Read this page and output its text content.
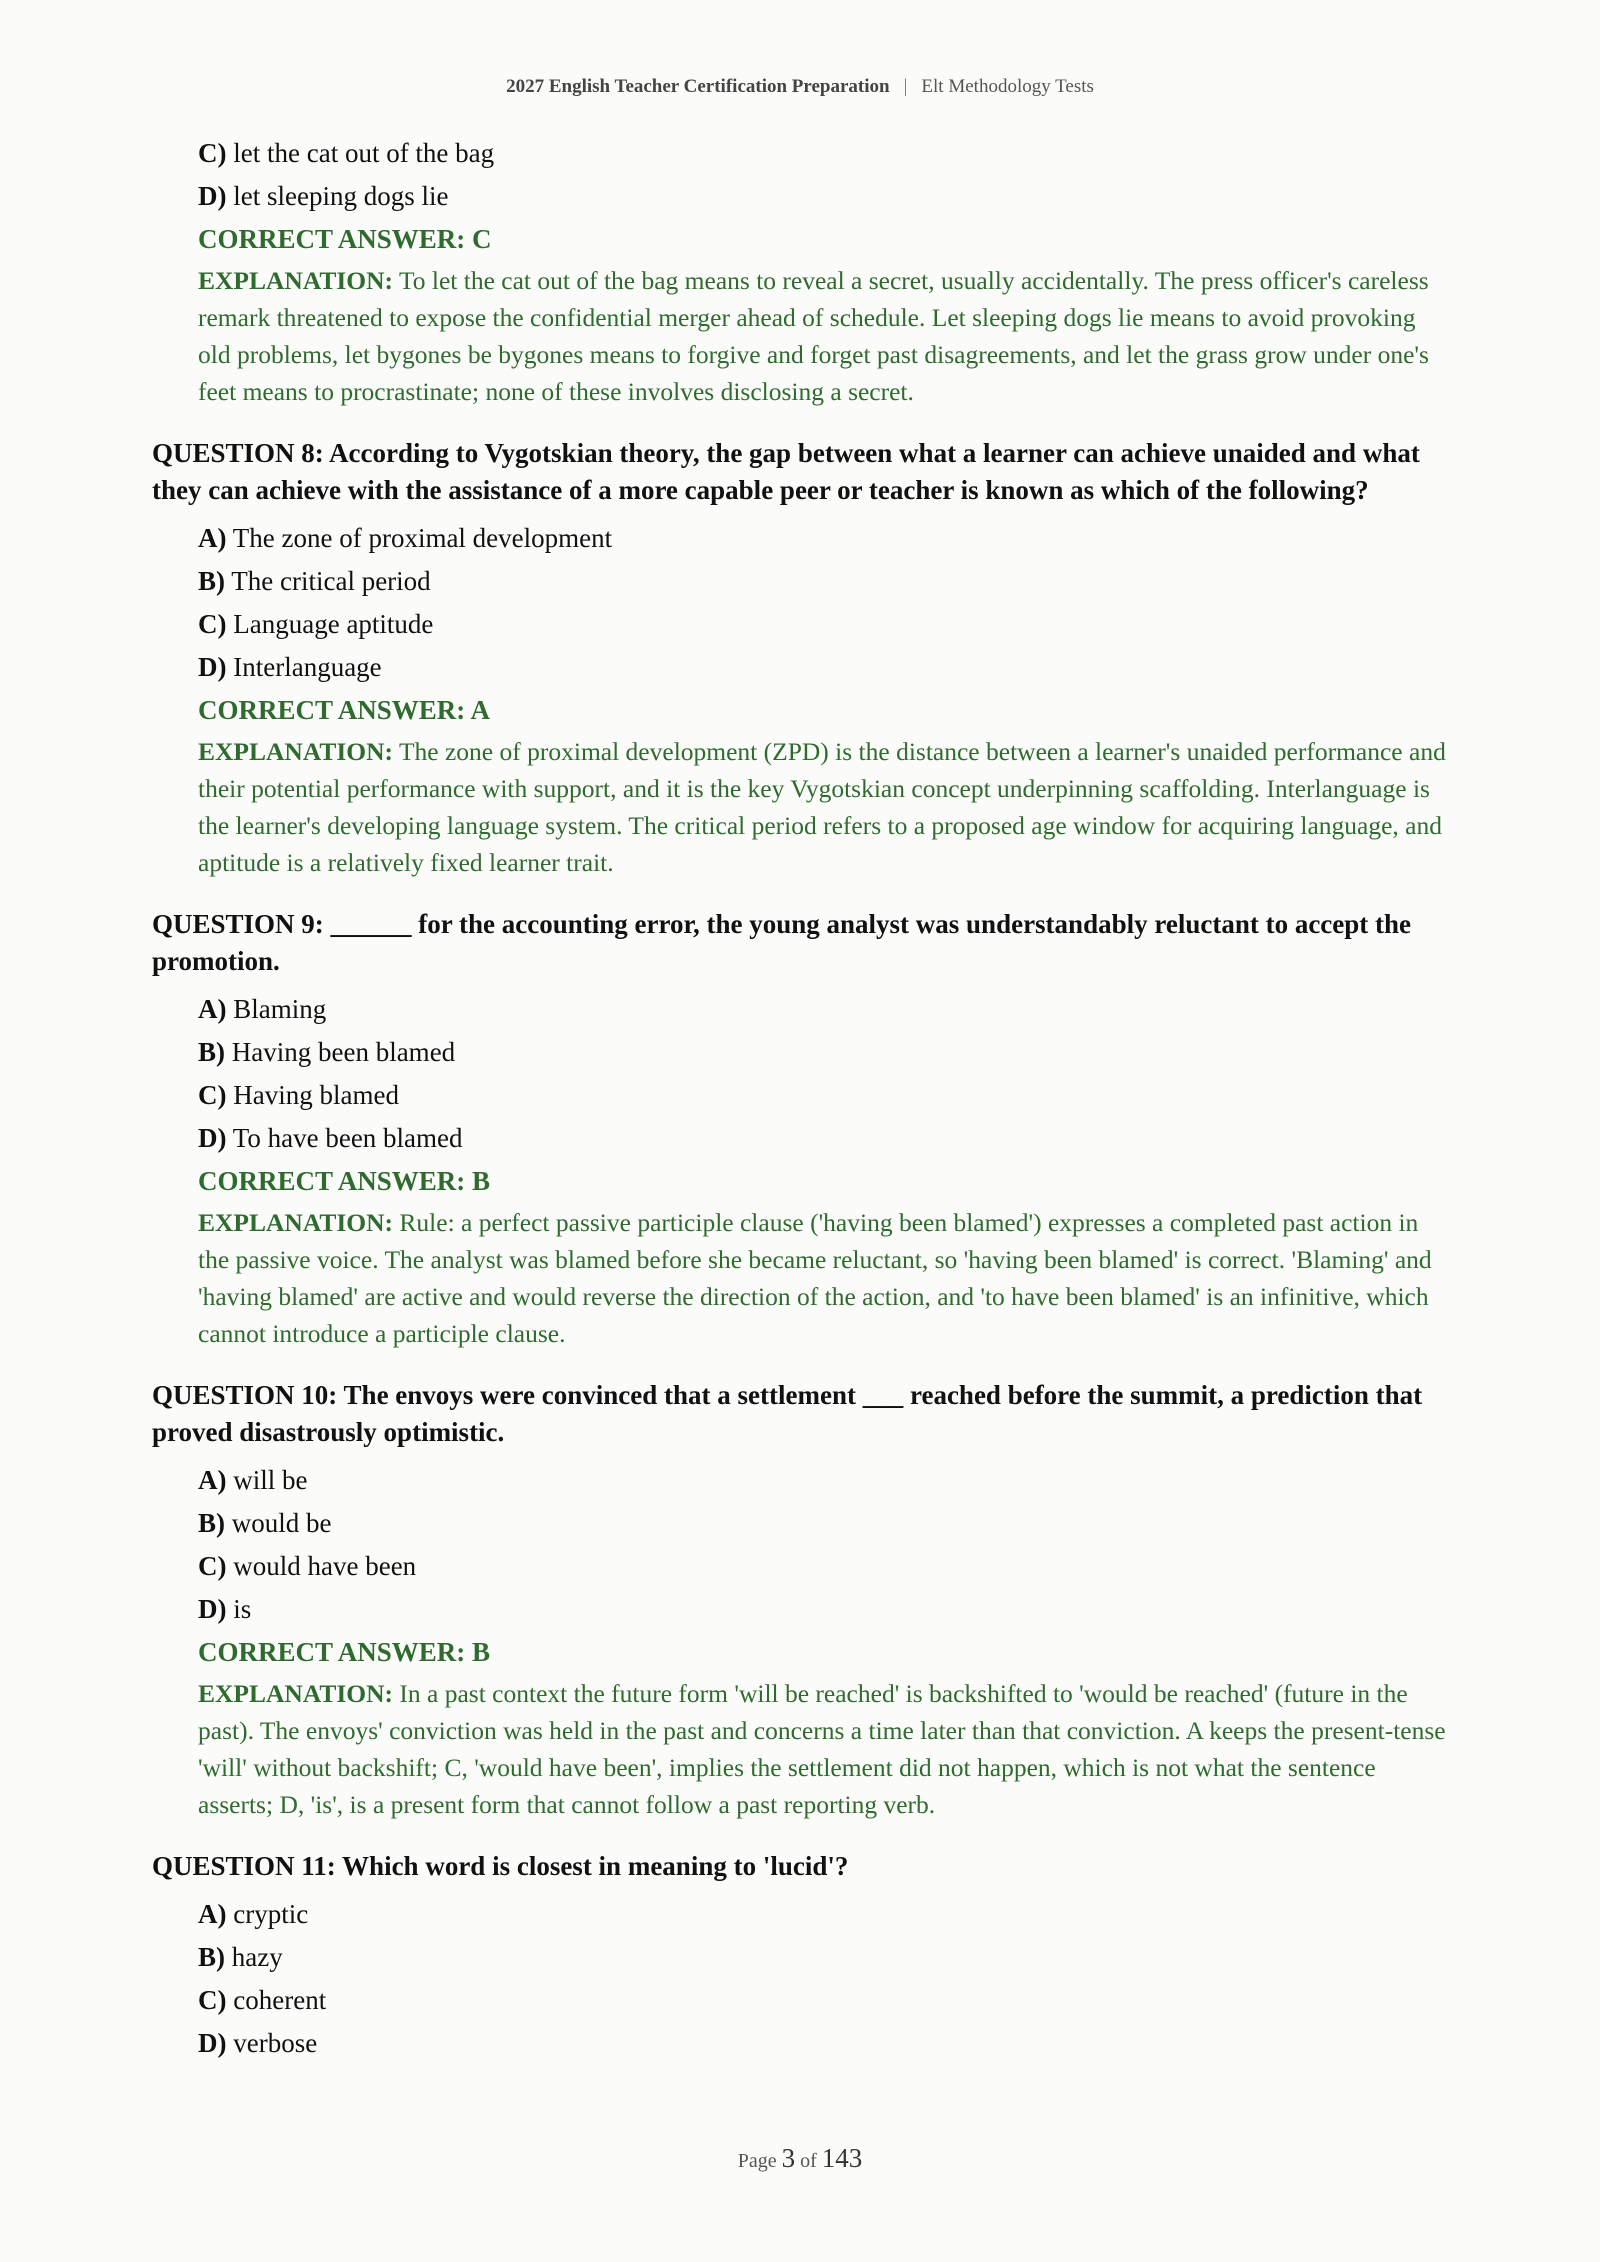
2027 English Teacher Certification Preparation | Elt Methodology Tests
C) let the cat out of the bag
D) let sleeping dogs lie
CORRECT ANSWER: C
EXPLANATION: To let the cat out of the bag means to reveal a secret, usually accidentally. The press officer's careless remark threatened to expose the confidential merger ahead of schedule. Let sleeping dogs lie means to avoid provoking old problems, let bygones be bygones means to forgive and forget past disagreements, and let the grass grow under one's feet means to procrastinate; none of these involves disclosing a secret.
QUESTION 8: According to Vygotskian theory, the gap between what a learner can achieve unaided and what they can achieve with the assistance of a more capable peer or teacher is known as which of the following?
A) The zone of proximal development
B) The critical period
C) Language aptitude
D) Interlanguage
CORRECT ANSWER: A
EXPLANATION: The zone of proximal development (ZPD) is the distance between a learner's unaided performance and their potential performance with support, and it is the key Vygotskian concept underpinning scaffolding. Interlanguage is the learner's developing language system. The critical period refers to a proposed age window for acquiring language, and aptitude is a relatively fixed learner trait.
QUESTION 9: ______ for the accounting error, the young analyst was understandably reluctant to accept the promotion.
A) Blaming
B) Having been blamed
C) Having blamed
D) To have been blamed
CORRECT ANSWER: B
EXPLANATION: Rule: a perfect passive participle clause ('having been blamed') expresses a completed past action in the passive voice. The analyst was blamed before she became reluctant, so 'having been blamed' is correct. 'Blaming' and 'having blamed' are active and would reverse the direction of the action, and 'to have been blamed' is an infinitive, which cannot introduce a participle clause.
QUESTION 10: The envoys were convinced that a settlement ___ reached before the summit, a prediction that proved disastrously optimistic.
A) will be
B) would be
C) would have been
D) is
CORRECT ANSWER: B
EXPLANATION: In a past context the future form 'will be reached' is backshifted to 'would be reached' (future in the past). The envoys' conviction was held in the past and concerns a time later than that conviction. A keeps the present-tense 'will' without backshift; C, 'would have been', implies the settlement did not happen, which is not what the sentence asserts; D, 'is', is a present form that cannot follow a past reporting verb.
QUESTION 11: Which word is closest in meaning to 'lucid'?
A) cryptic
B) hazy
C) coherent
D) verbose
Page 3 of 143
